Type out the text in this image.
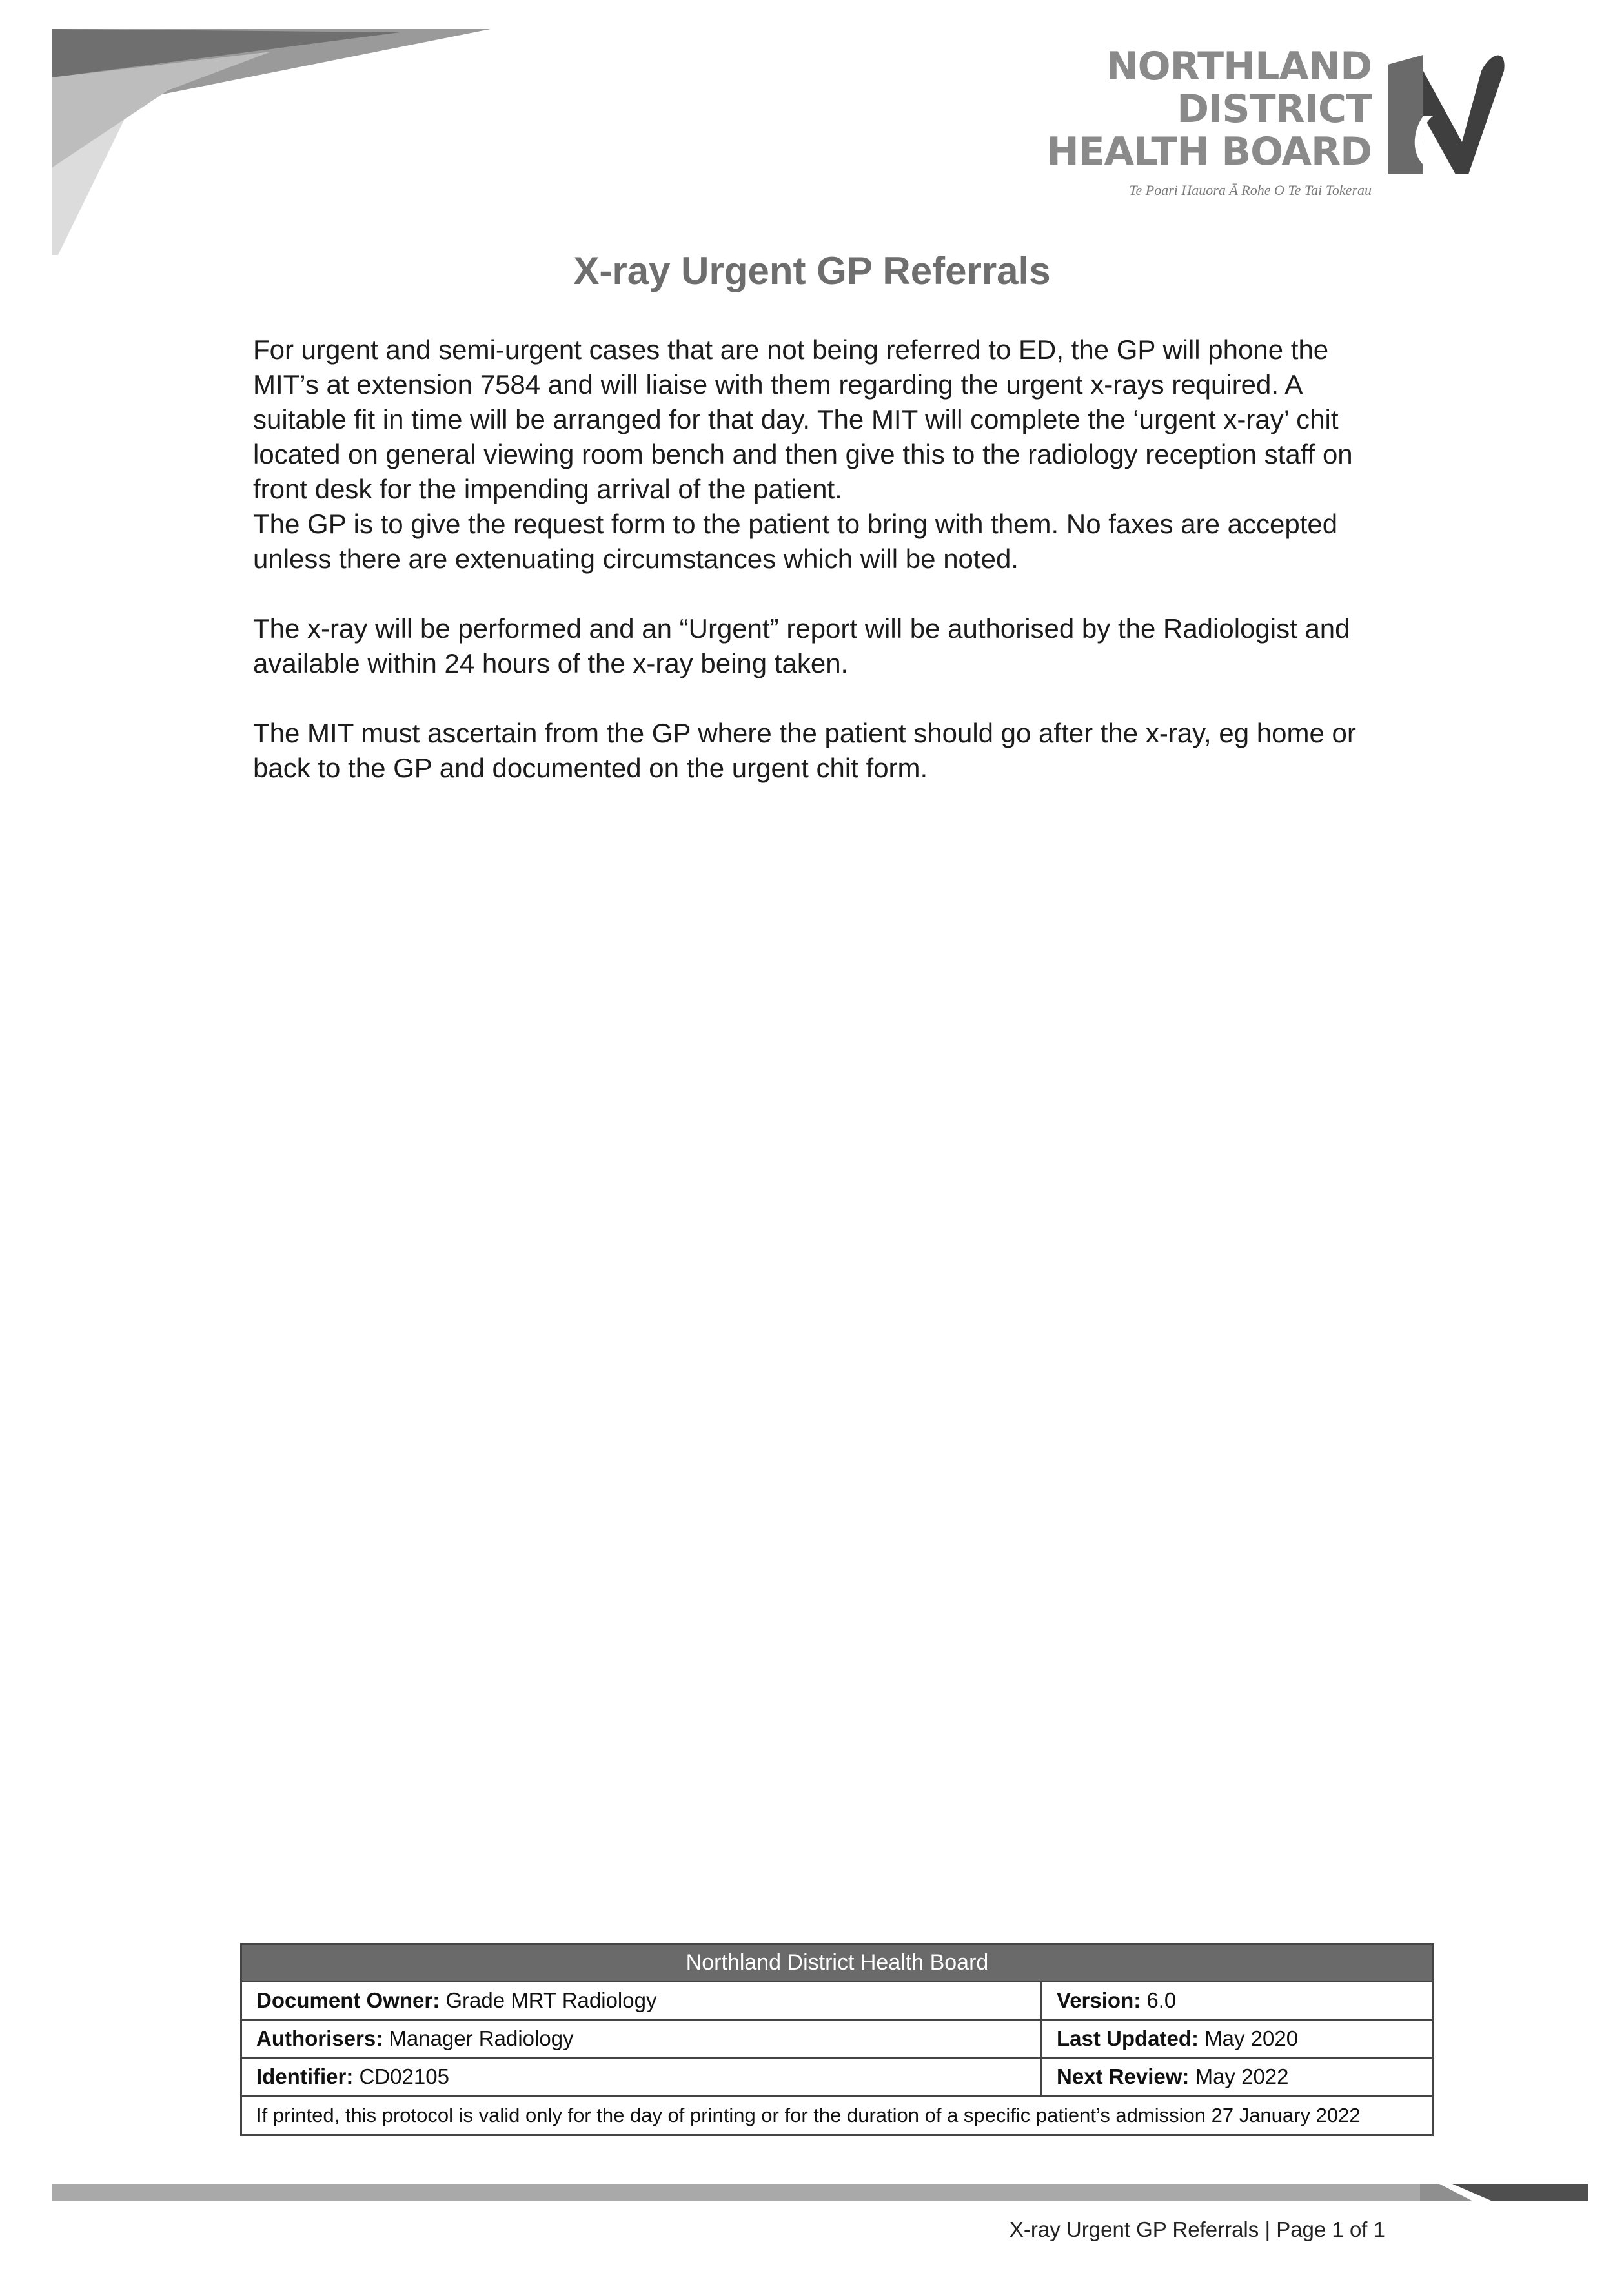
NORTHLAND DISTRICT
HEALTH BOARD
Te Poari Hauora Ā Rohe O Te Tai Tokerau
X-ray Urgent GP Referrals

For urgent and semi-urgent cases that are not being referred to ED, the GP will phone the MIT’s at extension 7584 and will liaise with them regarding the urgent x-rays required. A suitable fit in time will be arranged for that day. The MIT will complete the ‘urgent x-ray’ chit located on general viewing room bench and then give this to the radiology reception staff on front desk for the impending arrival of the patient.

The GP is to give the request form to the patient to bring with them. No faxes are accepted unless there are extenuating circumstances which will be noted.

The x-ray will be performed and an “Urgent” report will be authorised by the Radiologist and available within 24 hours of the x-ray being taken.

The MIT must ascertain from the GP where the patient should go after the x-ray, eg home or back to the GP and documented on the urgent chit form.

Northland District Health Board	
Document Owner: Grade MRT Radiology	Version: 6.0
Authorisers: Manager Radiology	Last Updated: May 2020
Identifier: CD02105	Next Review: May 2022
If printed, this protocol is valid only for the day of printing or for the duration of a specific patient’s admission 27 January 2022	
X-ray Urgent GP Referrals | Page 1 of 1
